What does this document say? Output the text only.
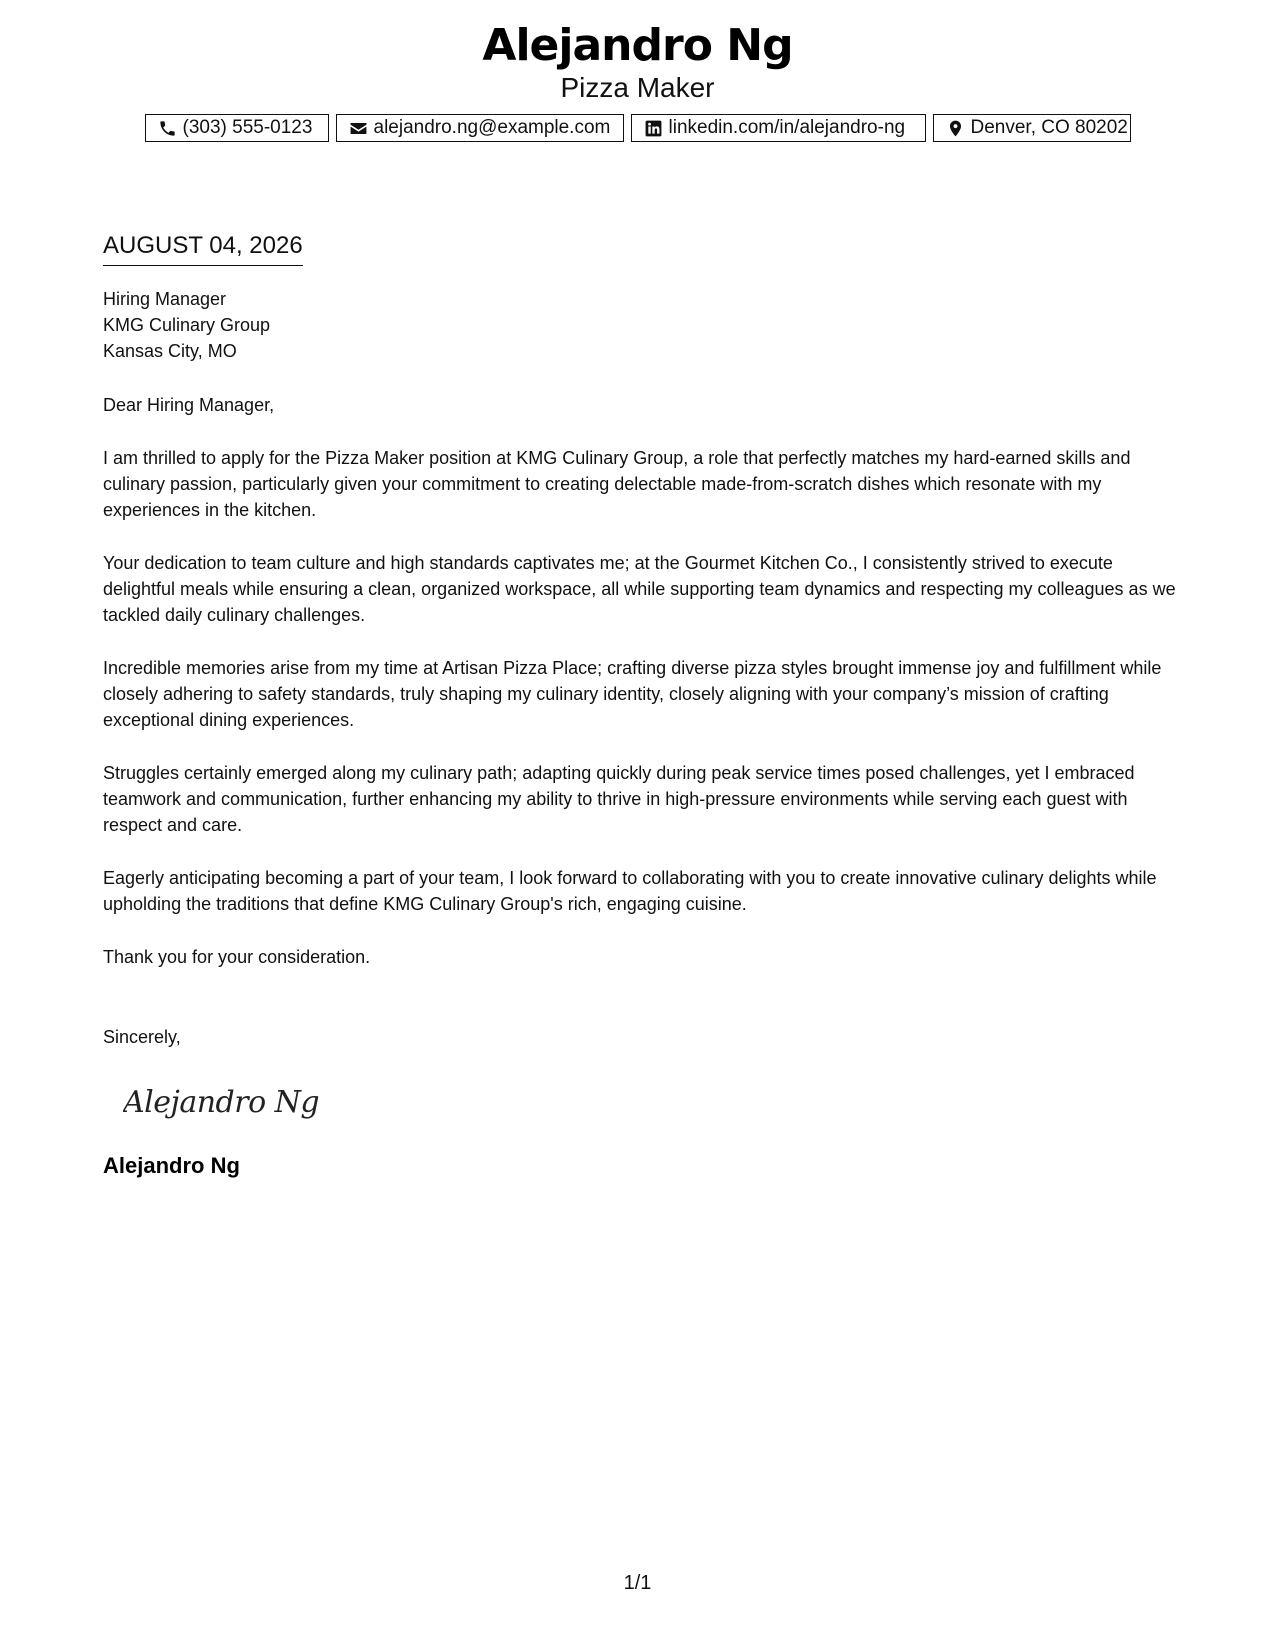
Alejandro Ng
Pizza Maker
(303) 555-0123	alejandro.ng@example.com	linkedin.com/in/alejandro-ng	Denver, CO 80202
AUGUST 04, 2026
Hiring Manager
KMG Culinary Group
Kansas City, MO
Dear Hiring Manager,
I am thrilled to apply for the Pizza Maker position at KMG Culinary Group, a role that perfectly matches my hard-earned skills and culinary passion, particularly given your commitment to creating delectable made-from-scratch dishes which resonate with my experiences in the kitchen.
Your dedication to team culture and high standards captivates me; at the Gourmet Kitchen Co., I consistently strived to execute delightful meals while ensuring a clean, organized workspace, all while supporting team dynamics and respecting my colleagues as we tackled daily culinary challenges.
Incredible memories arise from my time at Artisan Pizza Place; crafting diverse pizza styles brought immense joy and fulfillment while closely adhering to safety standards, truly shaping my culinary identity, closely aligning with your company’s mission of crafting exceptional dining experiences.
Struggles certainly emerged along my culinary path; adapting quickly during peak service times posed challenges, yet I embraced teamwork and communication, further enhancing my ability to thrive in high-pressure environments while serving each guest with respect and care.
Eagerly anticipating becoming a part of your team, I look forward to collaborating with you to create innovative culinary delights while upholding the traditions that define KMG Culinary Group's rich, engaging cuisine.
Thank you for your consideration.
Sincerely,
Alejandro Ng
Alejandro Ng
1/1
